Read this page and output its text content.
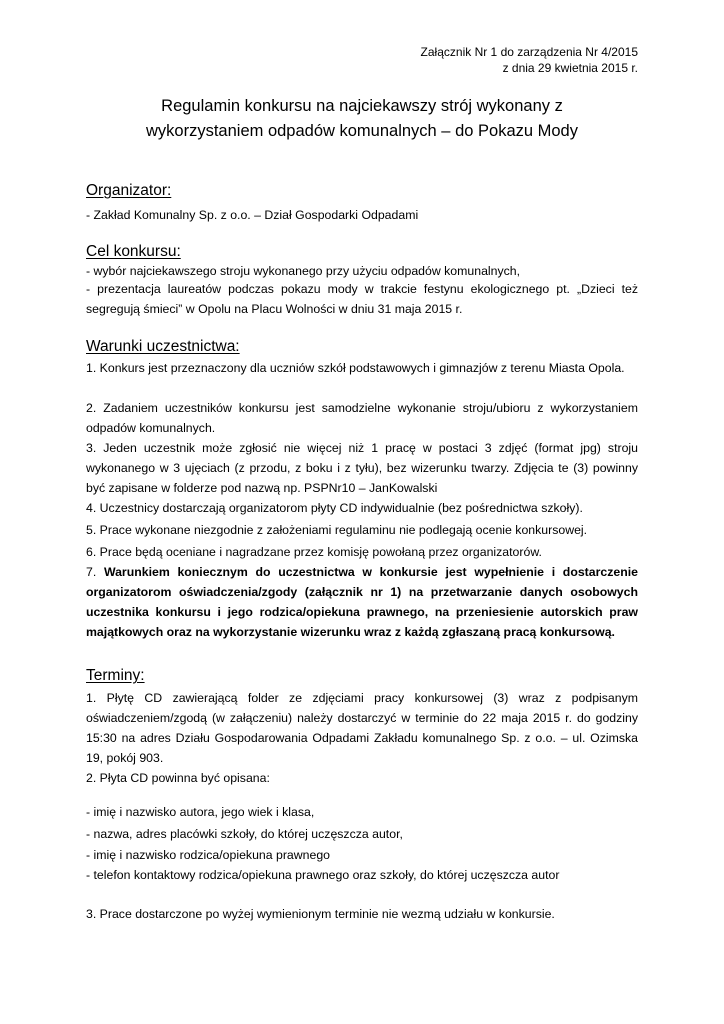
Załącznik Nr 1 do zarządzenia Nr 4/2015
z dnia 29 kwietnia 2015 r.
Regulamin konkursu na najciekawszy strój wykonany z
wykorzystaniem odpadów komunalnych – do Pokazu Mody
Organizator:
- Zakład Komunalny Sp. z o.o. – Dział Gospodarki Odpadami
Cel konkursu:
- wybór najciekawszego stroju wykonanego przy użyciu odpadów komunalnych,
- prezentacja laureatów podczas pokazu mody w trakcie festynu ekologicznego pt. „Dzieci też segregują śmieci” w Opolu na Placu Wolności w dniu 31 maja 2015 r.
Warunki uczestnictwa:
1. Konkurs jest przeznaczony dla uczniów szkół podstawowych i gimnazjów z terenu Miasta Opola.
2. Zadaniem uczestników konkursu jest samodzielne wykonanie stroju/ubioru z wykorzystaniem odpadów komunalnych.
3. Jeden uczestnik może zgłosić nie więcej niż 1 pracę w postaci 3 zdjęć (format jpg) stroju wykonanego w 3 ujęciach (z przodu, z boku i z tyłu), bez wizerunku twarzy. Zdjęcia te (3) powinny być zapisane w folderze pod nazwą np. PSPNr10 – JanKowalski
4. Uczestnicy dostarczają organizatorom płyty CD indywidualnie (bez pośrednictwa szkoły).
5. Prace wykonane niezgodnie z założeniami regulaminu nie podlegają ocenie konkursowej.
6. Prace będą oceniane i nagradzane przez komisję powołaną przez organizatorów.
7. Warunkiem koniecznym do uczestnictwa w konkursie jest wypełnienie i dostarczenie organizatorom oświadczenia/zgody (załącznik nr 1) na przetwarzanie danych osobowych uczestnika konkursu i jego rodzica/opiekuna prawnego, na przeniesienie autorskich praw majątkowych oraz na wykorzystanie wizerunku wraz z każdą zgłaszaną pracą konkursową.
Terminy:
1. Płytę CD zawierającą folder ze zdjęciami pracy konkursowej (3) wraz z podpisanym oświadczeniem/zgodą (w załączeniu) należy dostarczyć w terminie do 22 maja 2015 r. do godziny 15:30 na adres Działu Gospodarowania Odpadami Zakładu komunalnego Sp. z o.o. – ul. Ozimska 19, pokój 903.
2. Płyta CD powinna być opisana:
- imię i nazwisko autora, jego wiek i klasa,
- nazwa, adres placówki szkoły, do której uczęszcza autor,
- imię i nazwisko rodzica/opiekuna prawnego
- telefon kontaktowy rodzica/opiekuna prawnego oraz szkoły, do której uczęszcza autor
3. Prace dostarczone po wyżej wymienionym terminie nie wezmą udziału w konkursie.
